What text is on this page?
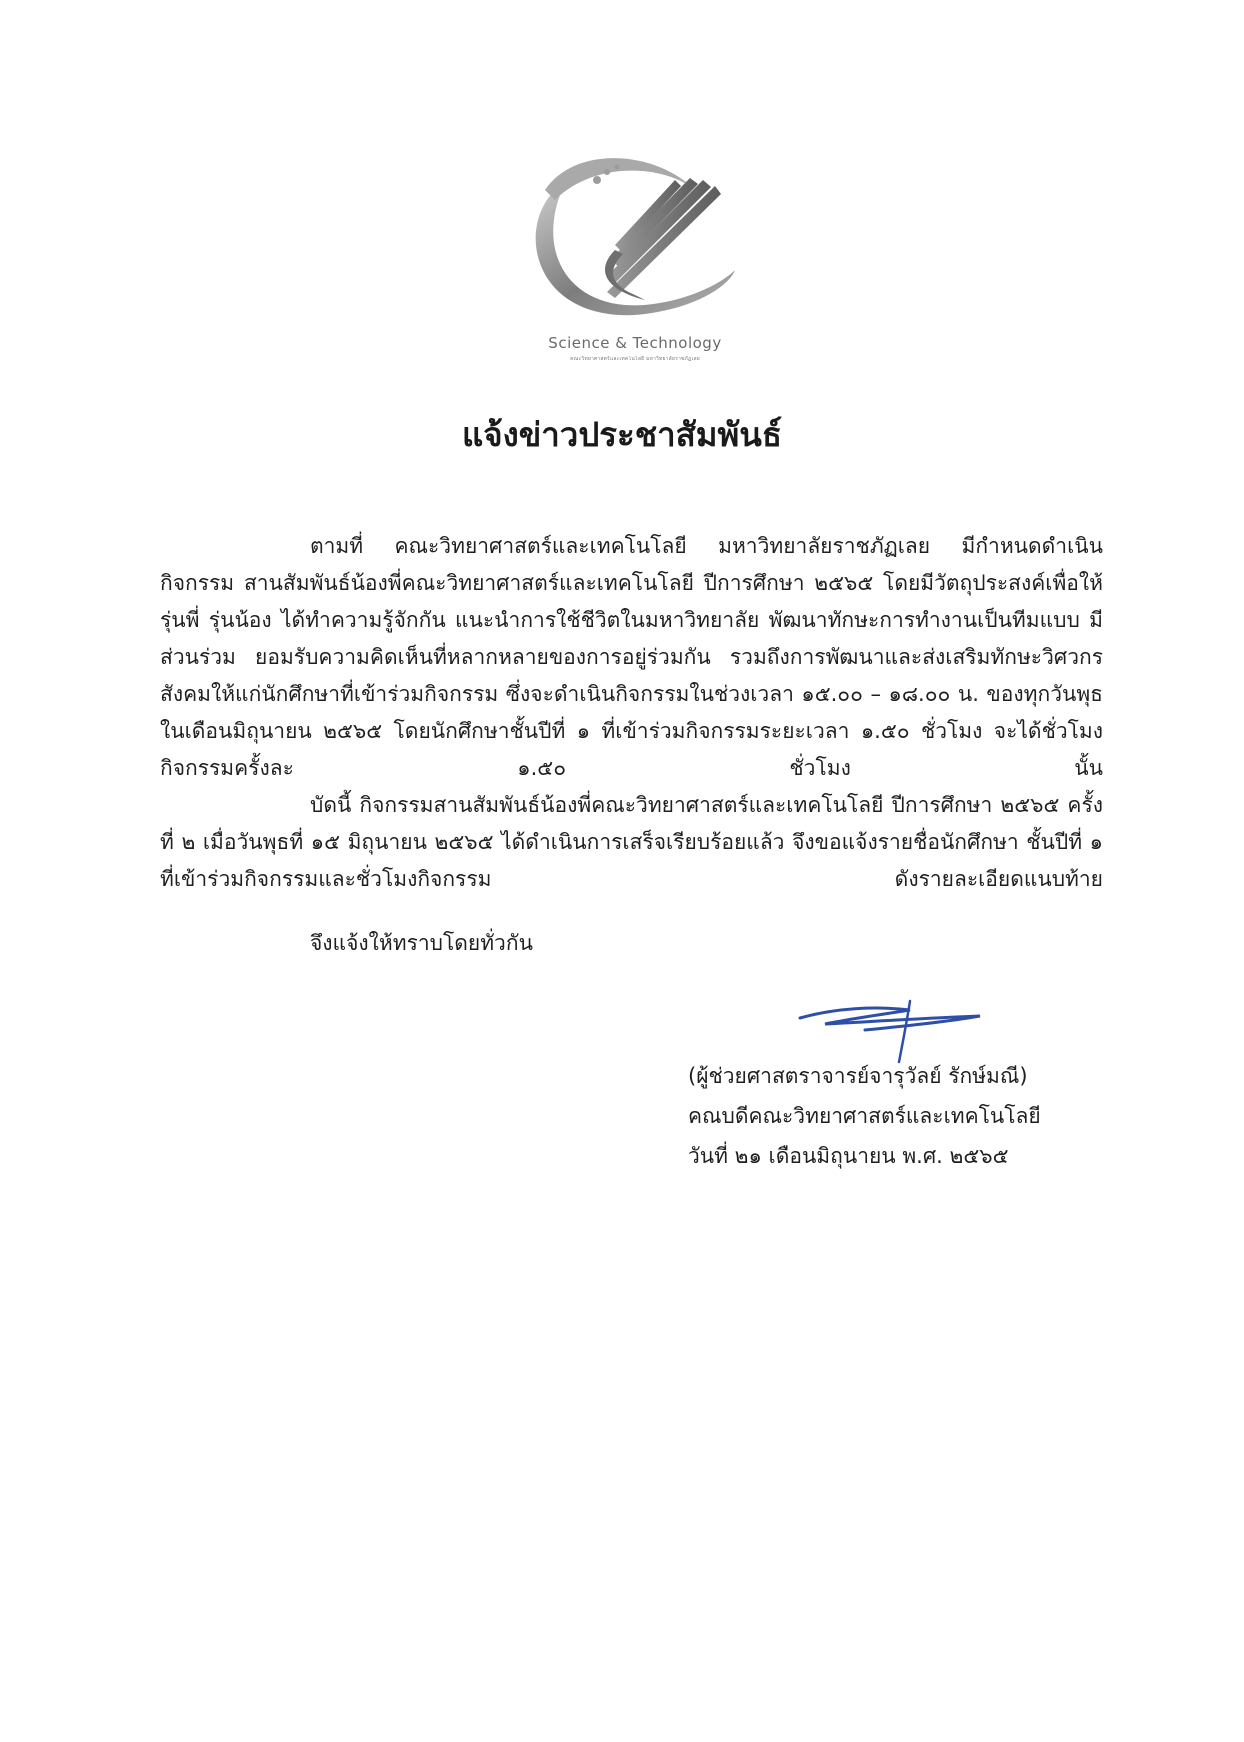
Science & Technology
คณะวิทยาศาสตร์และเทคโนโลยี มหาวิทยาลัยราชภัฏเลย
แจ้งข่าวประชาสัมพันธ์

ตามที่ คณะวิทยาศาสตร์และเทคโนโลยี มหาวิทยาลัยราชภัฏเลย มีกำหนดดำเนินกิจกรรม สานสัมพันธ์น้องพี่คณะวิทยาศาสตร์และเทคโนโลยี ปีการศึกษา ๒๕๖๕ โดยมีวัตถุประสงค์เพื่อให้รุ่นพี่ รุ่นน้อง ได้ทำความรู้จักกัน แนะนำการใช้ชีวิตในมหาวิทยาลัย พัฒนาทักษะการทำงานเป็นทีมแบบ มีส่วนร่วม ยอมรับความคิดเห็นที่หลากหลายของการอยู่ร่วมกัน รวมถึงการพัฒนาและส่งเสริมทักษะวิศวกร สังคมให้แก่นักศึกษาที่เข้าร่วมกิจกรรม ซึ่งจะดำเนินกิจกรรมในช่วงเวลา ๑๕.๐๐ – ๑๘.๐๐ น. ของทุกวันพุธ ในเดือนมิถุนายน ๒๕๖๕ โดยนักศึกษาชั้นปีที่ ๑ ที่เข้าร่วมกิจกรรมระยะเวลา ๑.๕๐ ชั่วโมง จะได้ชั่วโมง กิจกรรมครั้งละ ๑.๕๐ ชั่วโมง นั้น

บัดนี้ กิจกรรมสานสัมพันธ์น้องพี่คณะวิทยาศาสตร์และเทคโนโลยี ปีการศึกษา ๒๕๖๕ ครั้งที่ ๒ เมื่อวันพุธที่ ๑๕ มิถุนายน ๒๕๖๕ ได้ดำเนินการเสร็จเรียบร้อยแล้ว จึงขอแจ้งรายชื่อนักศึกษา ชั้นปีที่ ๑ ที่เข้าร่วมกิจกรรมและชั่วโมงกิจกรรม ดังรายละเอียดแนบท้าย

จึงแจ้งให้ทราบโดยทั่วกัน
(ผู้ช่วยศาสตราจารย์จารุวัลย์ รักษ์มณี)
คณบดีคณะวิทยาศาสตร์และเทคโนโลยี
วันที่ ๒๑ เดือนมิถุนายน พ.ศ. ๒๕๖๕
